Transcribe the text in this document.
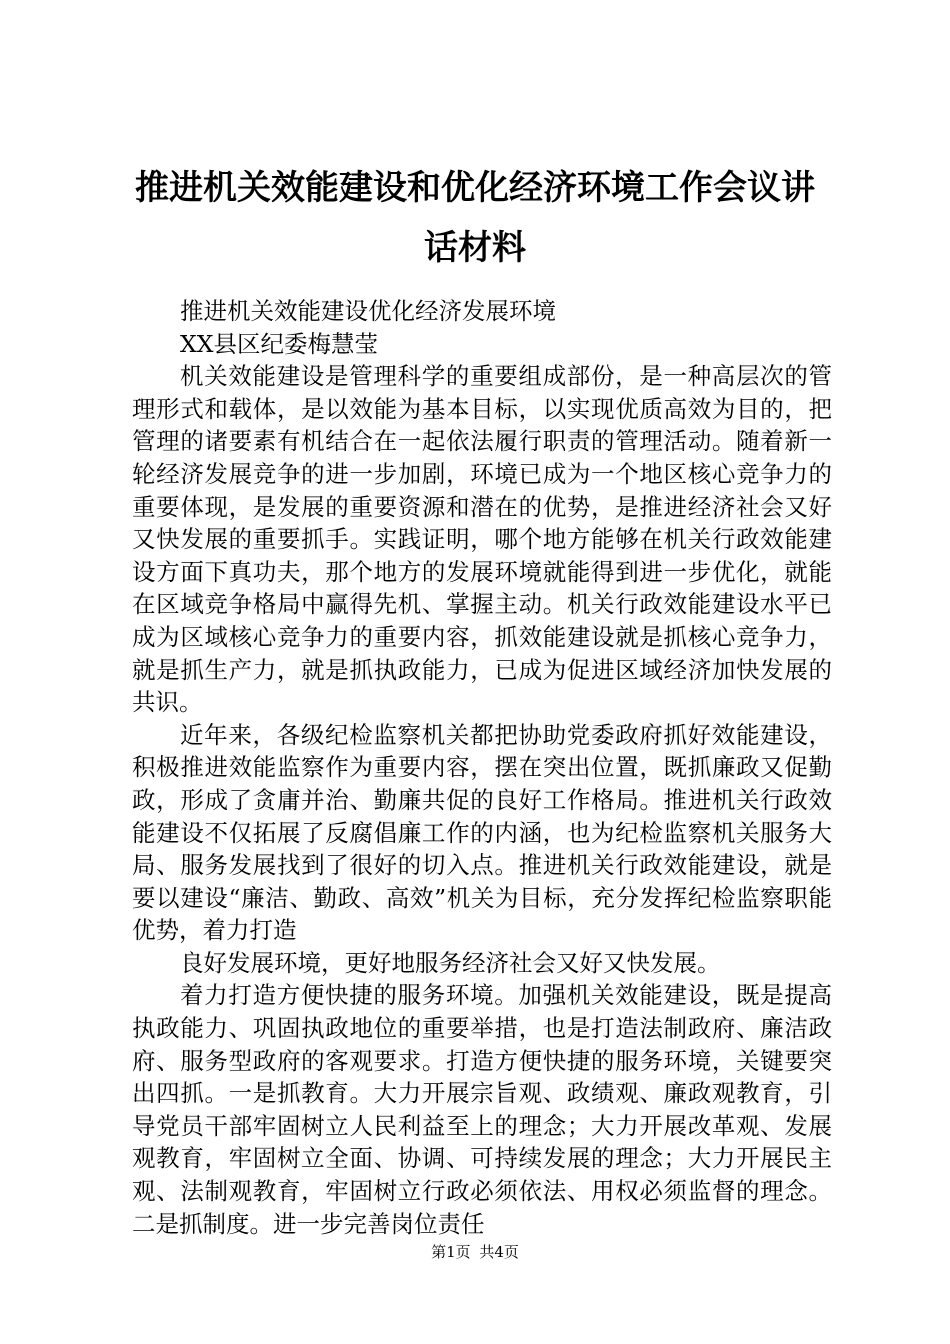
推进机关效能建设和优化经济环境工作会议讲
话材料

推进机关效能建设优化经济发展环境

XX县区纪委梅慧莹

机关效能建设是管理科学的重要组成部份，是一种高层次的管理形式和载体，是以效能为基本目标，以实现优质高效为目的，把管理的诸要素有机结合在一起依法履行职责的管理活动。随着新一轮经济发展竞争的进一步加剧，环境已成为一个地区核心竞争力的重要体现，是发展的重要资源和潜在的优势，是推进经济社会又好又快发展的重要抓手。实践证明，哪个地方能够在机关行政效能建设方面下真功夫，那个地方的发展环境就能得到进一步优化，就能在区域竞争格局中赢得先机、掌握主动。机关行政效能建设水平已成为区域核心竞争力的重要内容，抓效能建设就是抓核心竞争力，就是抓生产力，就是抓执政能力，已成为促进区域经济加快发展的共识。

近年来，各级纪检监察机关都把协助党委政府抓好效能建设，积极推进效能监察作为重要内容，摆在突出位置，既抓廉政又促勤政，形成了贪庸并治、勤廉共促的良好工作格局。推进机关行政效能建设不仅拓展了反腐倡廉工作的内涵，也为纪检监察机关服务大局、服务发展找到了很好的切入点。推进机关行政效能建设，就是要以建设“廉洁、勤政、高效”机关为目标，充分发挥纪检监察职能优势，着力打造

良好发展环境，更好地服务经济社会又好又快发展。

着力打造方便快捷的服务环境。加强机关效能建设，既是提高执政能力、巩固执政地位的重要举措，也是打造法制政府、廉洁政府、服务型政府的客观要求。打造方便快捷的服务环境，关键要突出四抓。一是抓教育。大力开展宗旨观、政绩观、廉政观教育，引导党员干部牢固树立人民利益至上的理念；大力开展改革观、发展观教育，牢固树立全面、协调、可持续发展的理念；大力开展民主观、法制观教育，牢固树立行政必须依法、用权必须监督的理念。二是抓制度。进一步完善岗位责任

第1页 共4页
